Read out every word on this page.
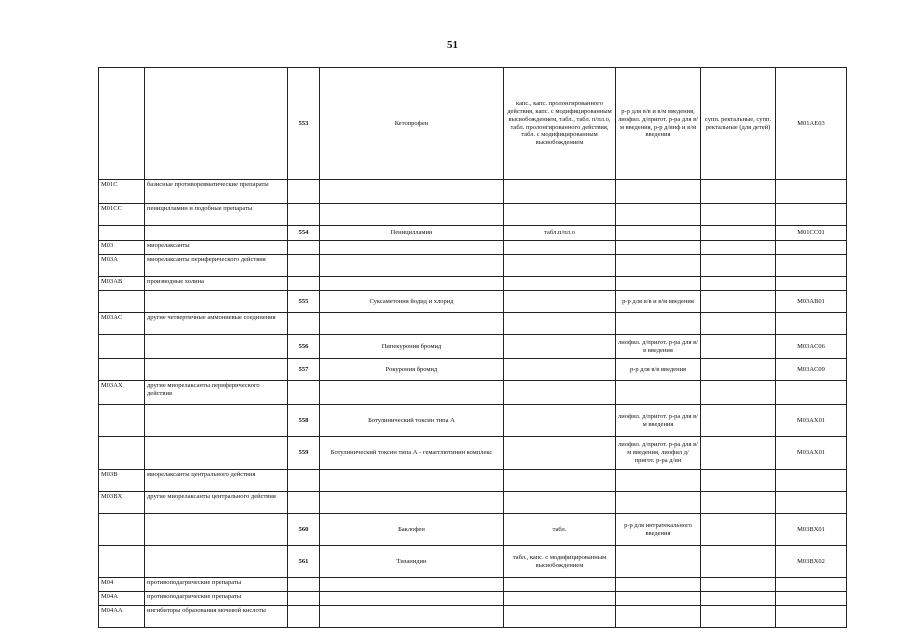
51
		553	Кетопрофен	капс., капс. пролонгированного действия, капс. с модифицированным высвобождением, табл., табл. п/пл.о, табл. пролонгированного действия, табл. с модифицированным высвобождением	р-р для в/в и в/м введения, лиофил. д/пригот. р-ра для в/м введения, р-р д/инф и в/м введения	супп. ректальные, супп. ректальные (для детей)	M01AE03
M01C	базисные противоревматические препараты						
M01CC	пеницилламин и подобные препараты						
		554	Пеницилламин	табл.п/пл.о			M01CC01
M03	миорелаксанты						
M03A	миорелаксанты периферического действия						
M03AB	производные холина						
		555	Суксаметония йодид и хлорид		р-р для в/в и в/м введения		M03AB01
M03AC	другие четвертичные аммониевые соединения						
		556	Пипекурония бромид		лиофил. д/пригот. р-ра для в/в введения		M03AC06
		557	Рокурония бромид		р-р для в/в введения		M03AC09
M03AX	другие миорелаксанты периферического действия						
		558	Ботулинический токсин типа А		лиофил. д/пригот. р-ра для в/м введения		M03AX01
		559	Ботулинический токсин типа А - гемагглютинин комплекс		лиофил. д/пригот. р-ра для в/м введения, лиофил д/пригот. р-ра д/ин		M03AX01
M03B	миорелаксанты центрального действия						
M03BX	другие миорелаксанты центрального действия						
		560	Баклофен	табл.	р-р для интратекального введения		M03BX01
		561	Тизанидин	табл., капс. с модифицированным высвобождением			M03BX02
M04	противоподагрические препараты						
M04A	противоподагрические препараты						
M04AA	ингибиторы образования мочевой кислоты						
